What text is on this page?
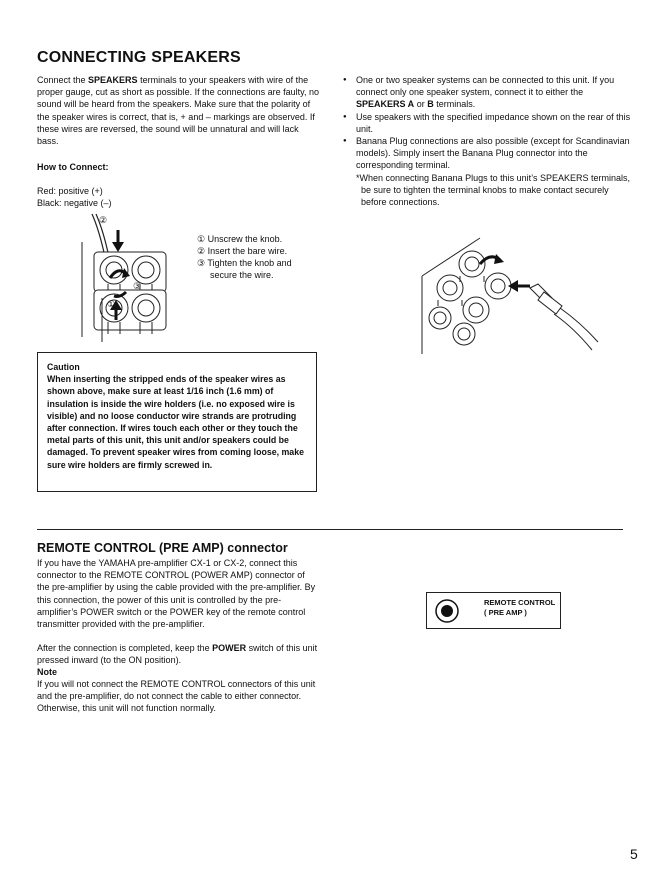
CONNECTING SPEAKERS
Connect the SPEAKERS terminals to your speakers with wire of the proper gauge, cut as short as possible. If the connections are faulty, no sound will be heard from the speakers. Make sure that the polarity of the speaker wires is correct, that is, + and – markings are observed. If these wires are reversed, the sound will be unnatural and will lack bass.
How to Connect:
Red: positive (+)
Black: negative (–)
● One or two speaker systems can be connected to this unit. If you connect only one speaker system, connect it to either the SPEAKERS A or B terminals.
● Use speakers with the specified impedance shown on the rear of this unit.
● Banana Plug connections are also possible (except for Scandinavian models). Simply insert the Banana Plug connector into the corresponding terminal.
*When connecting Banana Plugs to this unit’s SPEAKERS terminals, be sure to tighten the terminal knobs to make contact securely before connections.
②
③
①
① Unscrew the knob.
② Insert the bare wire.
③ Tighten the knob and
secure the wire.
Caution
When inserting the stripped ends of the speaker wires as shown above, make sure at least 1/16 inch (1.6 mm) of insulation is inside the wire holders (i.e. no exposed wire is visible) and no loose conductor wire strands are protruding after connection. If wires touch each other or they touch the metal parts of this unit, this unit and/or speakers could be damaged. To prevent speaker wires from coming loose, make sure wire holders are firmly screwed in.
REMOTE CONTROL (PRE AMP) connector
If you have the YAMAHA pre-amplifier CX-1 or CX-2, connect this connector to the REMOTE CONTROL (POWER AMP) connector of the pre-amplifier by using the cable provided with the pre-amplifier. By this connection, the power of this unit is controlled by the pre-amplifier’s POWER switch or the POWER key of the remote control transmitter provided with the pre-amplifier.
After the connection is completed, keep the POWER switch of this unit pressed inward (to the ON position).
Note
If you will not connect the REMOTE CONTROL connectors of this unit and the pre-amplifier, do not connect the cable to either connector. Otherwise, this unit will not function normally.
REMOTE CONTROL
( PRE AMP )
5
